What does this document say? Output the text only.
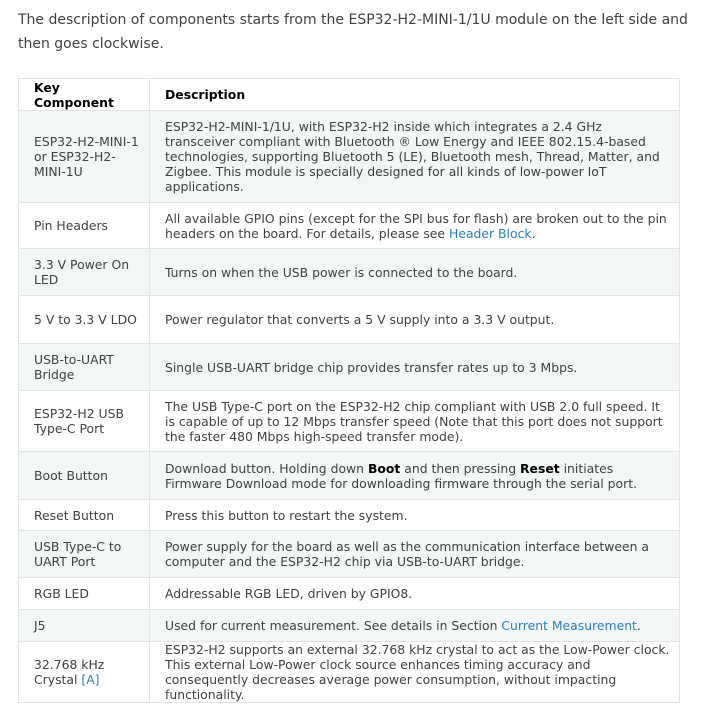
The description of components starts from the ESP32-H2-MINI-1/1U module on the left side and then goes clockwise.

Key Component	Description
ESP32-H2-MINI-1 or ESP32-H2-MINI-1U	ESP32-H2-MINI-1/1U, with ESP32-H2 inside which integrates a 2.4 GHz transceiver compliant with Bluetooth ® Low Energy and IEEE 802.15.4-based technologies, supporting Bluetooth 5 (LE), Bluetooth mesh, Thread, Matter, and Zigbee. This module is specially designed for all kinds of low-power IoT applications.
Pin Headers	All available GPIO pins (except for the SPI bus for flash) are broken out to the pin headers on the board. For details, please see Header Block.
3.3 V Power On LED	Turns on when the USB power is connected to the board.
5 V to 3.3 V LDO	Power regulator that converts a 5 V supply into a 3.3 V output.
USB-to-UART Bridge	Single USB-UART bridge chip provides transfer rates up to 3 Mbps.
ESP32-H2 USB Type-C Port	The USB Type-C port on the ESP32-H2 chip compliant with USB 2.0 full speed. It is capable of up to 12 Mbps transfer speed (Note that this port does not support the faster 480 Mbps high-speed transfer mode).
Boot Button	Download button. Holding down Boot and then pressing Reset initiates Firmware Download mode for downloading firmware through the serial port.
Reset Button	Press this button to restart the system.
USB Type-C to UART Port	Power supply for the board as well as the communication interface between a computer and the ESP32-H2 chip via USB-to-UART bridge.
RGB LED	Addressable RGB LED, driven by GPIO8.
J5	Used for current measurement. See details in Section Current Measurement.
32.768 kHz Crystal [A]	ESP32-H2 supports an external 32.768 kHz crystal to act as the Low-Power clock. This external Low-Power clock source enhances timing accuracy and consequently decreases average power consumption, without impacting functionality.
